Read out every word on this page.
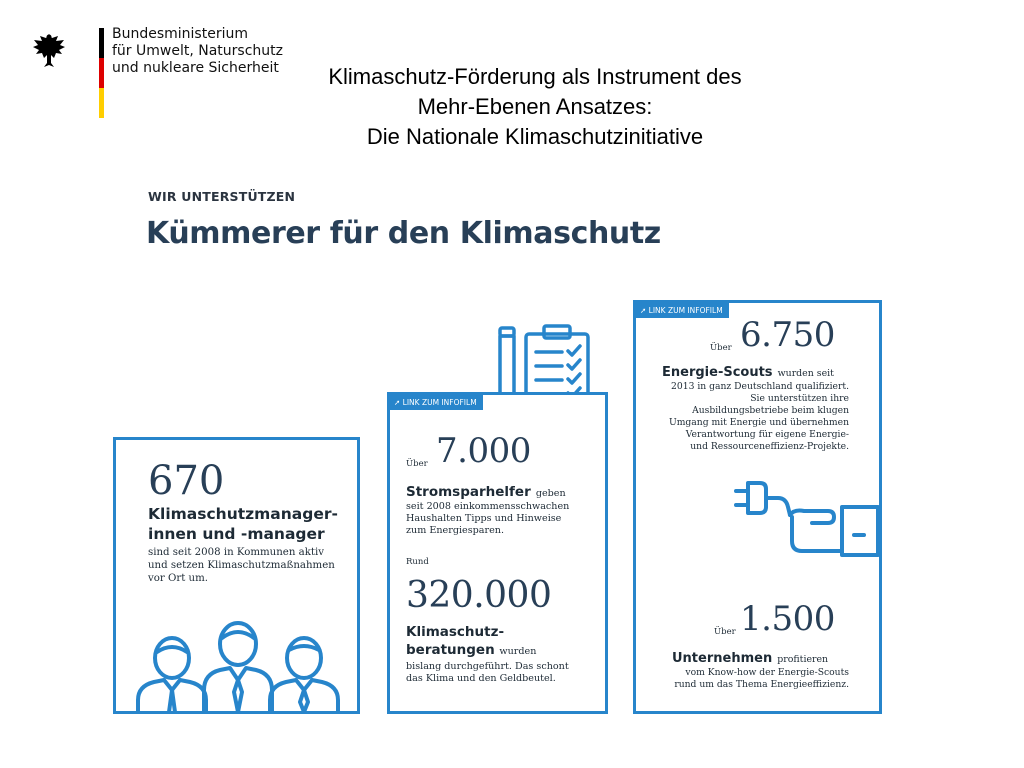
Bundesministerium
für Umwelt, Naturschutz
und nukleare Sicherheit	Klimaschutz-Förderung als Instrument des
Mehr-Ebenen Ansatzes:
Die Nationale Klimaschutzinitiative
WIR UNTERSTÜTZEN
Kümmerer für den Klimaschutz
670
Klimaschutzmanager-
innen und -manager
sind seit 2008 in Kommunen aktiv
und setzen Klimaschutzmaßnahmen
vor Ort um.
➚ LINK ZUM INFOFILM
Über 7.000
Stromsparhelfer geben
seit 2008 einkommensschwachen
Haushalten Tipps und Hinweise
zum Energiesparen.
Rund
320.000
Klimaschutz-
beratungen wurden
bislang durchgeführt. Das schont
das Klima und den Geldbeutel.
➚ LINK ZUM INFOFILM
Über 6.750
Energie-Scouts wurden seit
2013 in ganz Deutschland qualifiziert.
Sie unterstützen ihre
Ausbildungsbetriebe beim klugen
Umgang mit Energie und übernehmen
Verantwortung für eigene Energie-
und Ressourceneffizienz-Projekte.
Über 1.500
Unternehmen profitieren
vom Know-how der Energie-Scouts
rund um das Thema Energieeffizienz.
